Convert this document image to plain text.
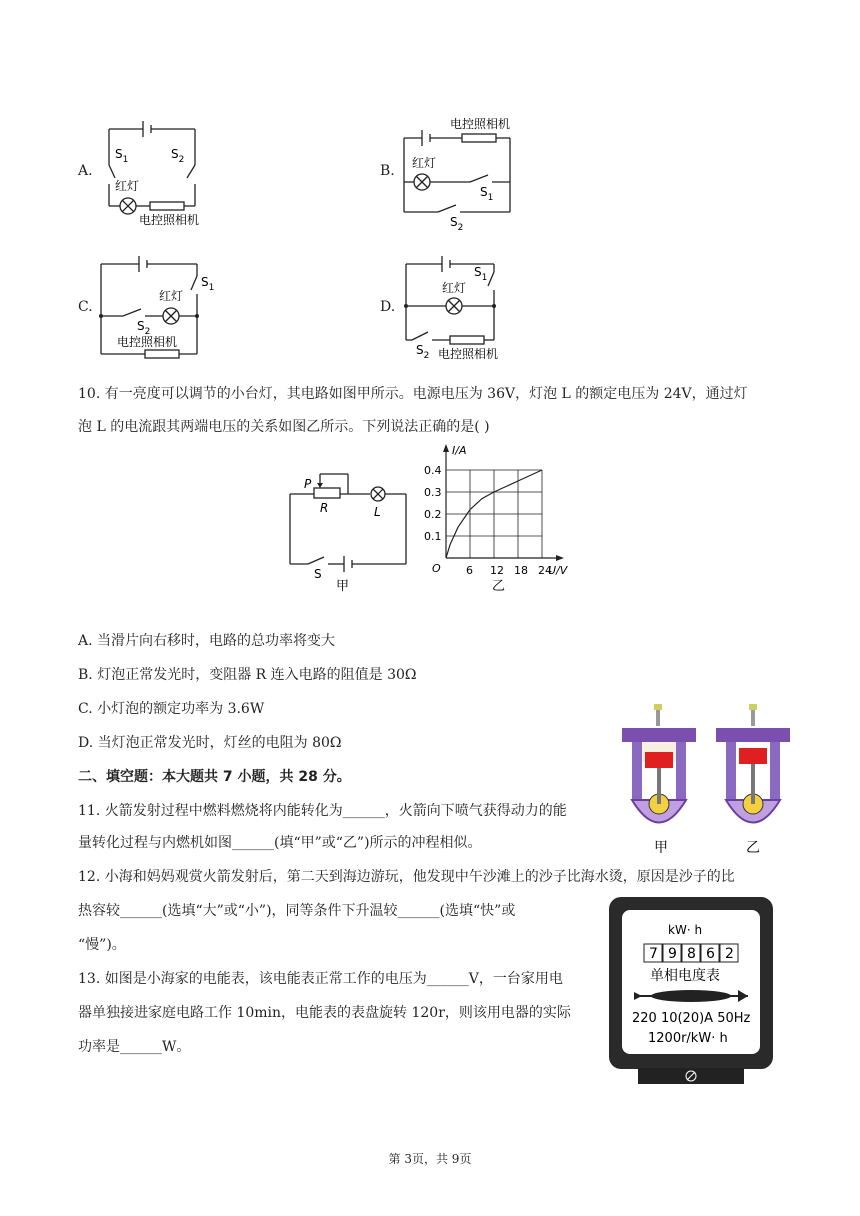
A.
$S_1$	$S_2$
红灯
电控照相机
B.
电控照相机
红灯
$S_1$
$S_2$
C.
$S_1$
红灯
$S_2$
电控照相机
D.
$S_1$
红灯
$S_2$ 电控照相机
10. 有一亮度可以调节的小台灯，其电路如图甲所示。电源电压为 36V，灯泡 L 的额定电压为 24V，通过灯
泡 L 的电流跟其两端电压的关系如图乙所示。下列说法正确的是( )
P
R	L
S
甲
0.4
0.3
0.2
0.1
6 12 18 24
I/A
U/V
O
乙
A. 当滑片向右移时，电路的总功率将变大
B. 灯泡正常发光时，变阻器 R 连入电路的阻值是 30Ω
C. 小灯泡的额定功率为 3.6W
D. 当灯泡正常发光时，灯丝的电阻为 80Ω
甲	乙
二、填空题：本大题共 7 小题，共 28 分。
11. 火箭发射过程中燃料燃烧将内能转化为______，火箭向下喷气获得动力的能
量转化过程与内燃机如图______(填“甲”或“乙”)所示的冲程相似。
12. 小海和妈妈观赏火箭发射后，第二天到海边游玩，他发现中午沙滩上的沙子比海水烫，原因是沙子的比
热容较______(选填“大”或“小”)，同等条件下升温较______(选填“快”或
“慢”)。
13. 如图是小海家的电能表，该电能表正常工作的电压为______V，一台家用电
器单独接进家庭电路工作 10min，电能表的表盘旋转 120r，则该用电器的实际
功率是______W。
kW· h
7 9 8 6 2
单相电度表
220 10(20)A 50Hz
1200r/kW· h
第 3页，共 9页
